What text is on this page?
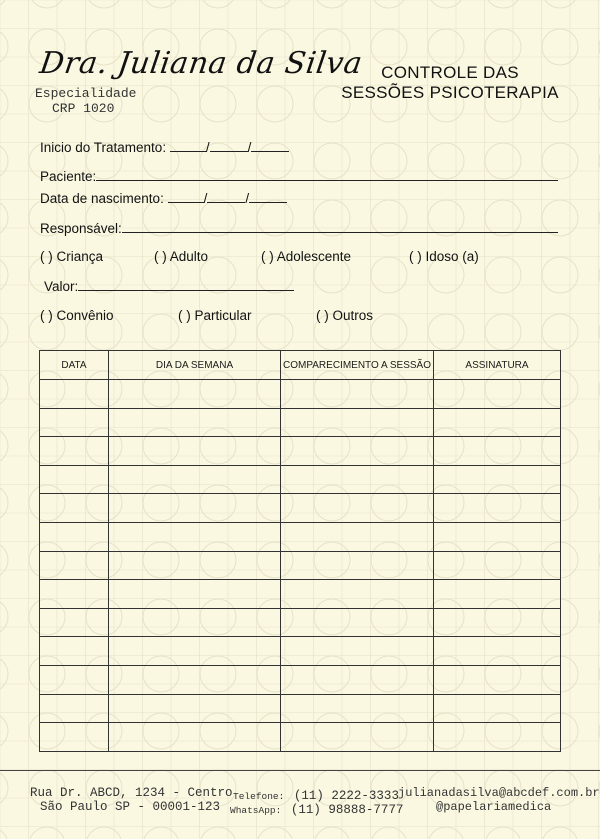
Dra. Juliana da Silva
Especialidade
CRP 1020
CONTROLE DAS
SESSÕES PSICOTERAPIA
Inicio do Tratamento:	/	/
Paciente:
Data de nascimento:	/	/
Responsável:
( ) Criança	( ) Adulto	( ) Adolescente	( ) Idoso (a)
Valor:
( ) Convênio	( ) Particular	( ) Outros
DATA	DIA DA SEMANA	COMPARECIMENTO A SESSÃO	ASSINATURA

Rua Dr. ABCD, 1234 - Centro
São Paulo SP - 00001-123
Telefone: (11) 2222-3333
WhatsApp: (11) 98888-7777
julianadasilva@abcdef.com.br
@papelariamedica
